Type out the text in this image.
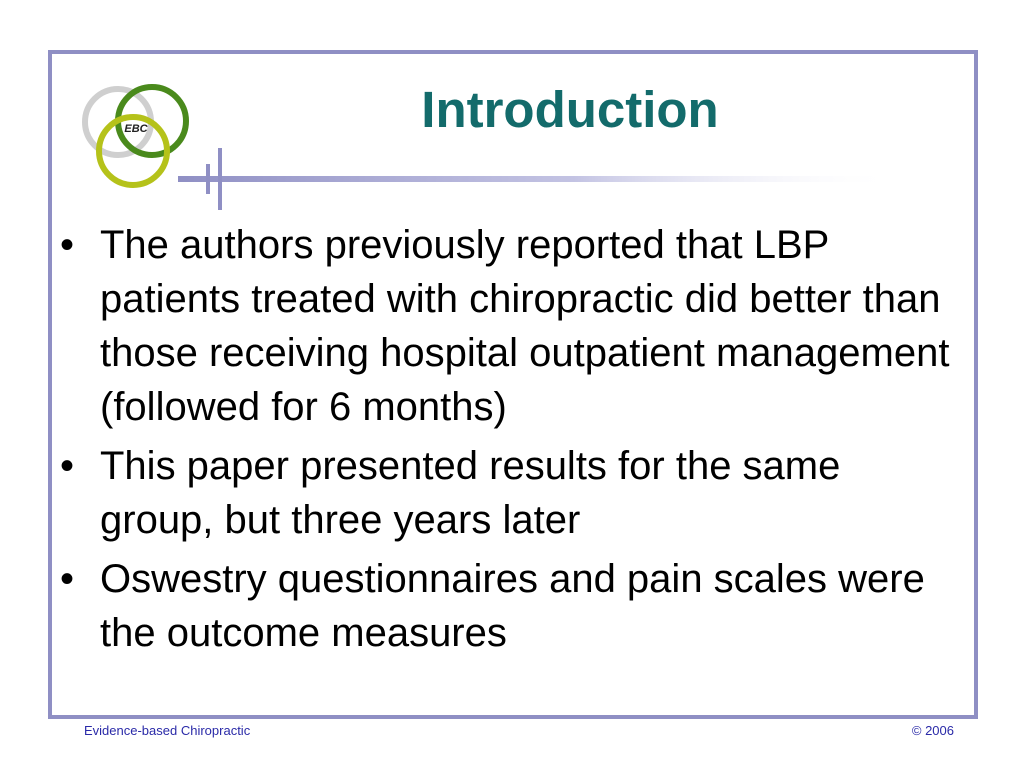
EBC	Introduction
• The authors previously reported that LBP patients treated with chiropractic did better than those receiving hospital outpatient management (followed for 6 months)
• This paper presented results for the same group, but three years later
• Oswestry questionnaires and pain scales were the outcome measures
Evidence-based Chiropractic	© 2006
